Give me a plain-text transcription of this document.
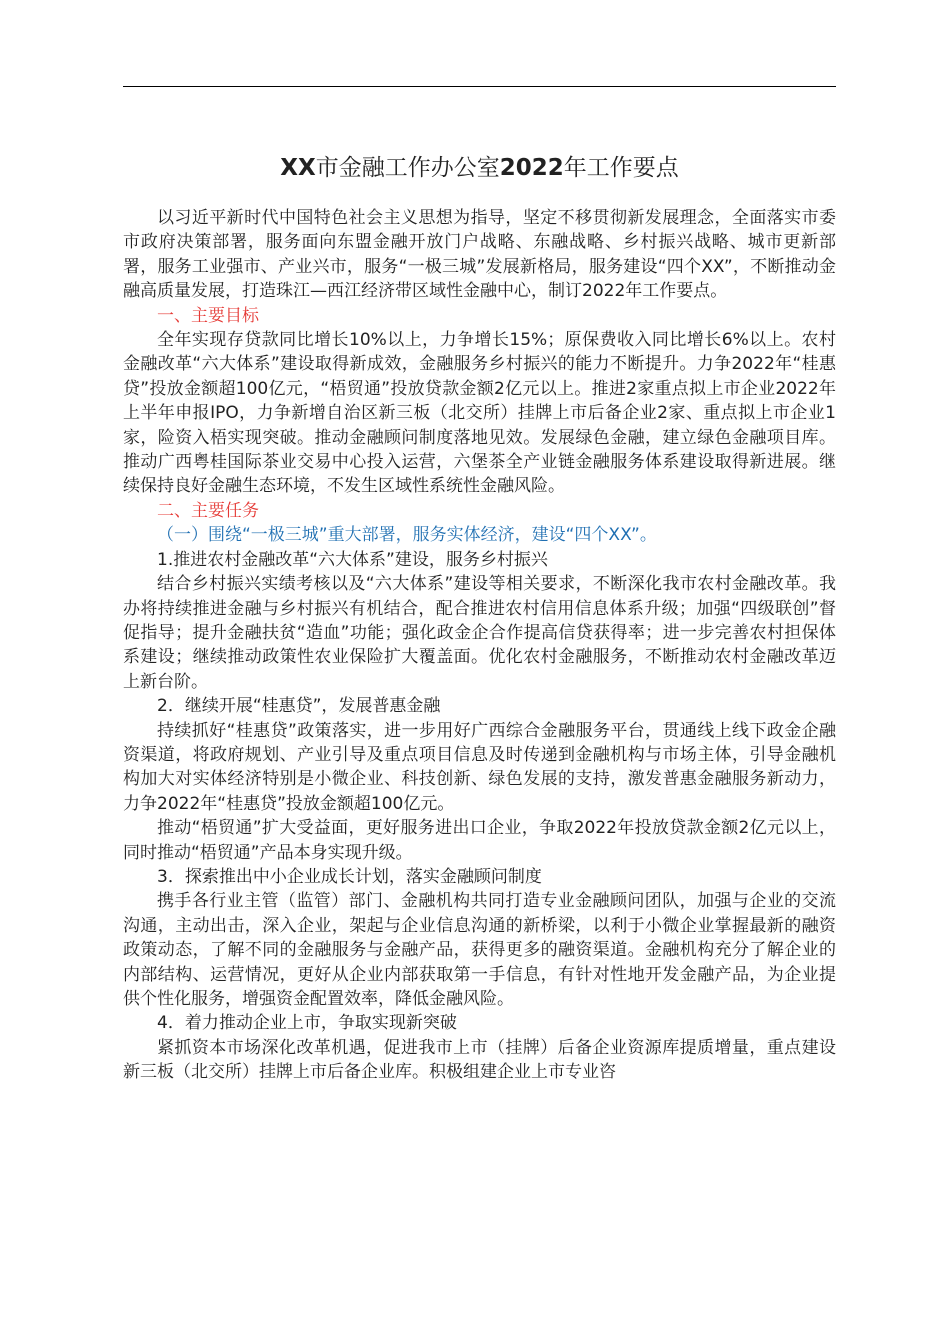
XX市金融工作办公室2022年工作要点

以习近平新时代中国特色社会主义思想为指导，坚定不移贯彻新发展理念，全面落实市委市政府决策部署，服务面向东盟金融开放门户战略、东融战略、乡村振兴战略、城市更新部署，服务工业强市、产业兴市，服务“一极三城”发展新格局，服务建设“四个XX”，不断推动金融高质量发展，打造珠江—西江经济带区域性金融中心，制订2022年工作要点。

一、主要目标

全年实现存贷款同比增长10%以上，力争增长15%；原保费收入同比增长6%以上。农村金融改革“六大体系”建设取得新成效，金融服务乡村振兴的能力不断提升。力争2022年“桂惠贷”投放金额超100亿元，“梧贸通”投放贷款金额2亿元以上。推进2家重点拟上市企业2022年上半年申报IPO，力争新增自治区新三板（北交所）挂牌上市后备企业2家、重点拟上市企业1家，险资入梧实现突破。推动金融顾问制度落地见效。发展绿色金融，建立绿色金融项目库。推动广西粤桂国际茶业交易中心投入运营，六堡茶全产业链金融服务体系建设取得新进展。继续保持良好金融生态环境，不发生区域性系统性金融风险。

二、主要任务

（一）围绕“一极三城”重大部署，服务实体经济，建设“四个XX”。

1.推进农村金融改革“六大体系”建设，服务乡村振兴

结合乡村振兴实绩考核以及“六大体系”建设等相关要求，不断深化我市农村金融改革。我办将持续推进金融与乡村振兴有机结合，配合推进农村信用信息体系升级；加强“四级联创”督促指导；提升金融扶贫“造血”功能；强化政金企合作提高信贷获得率；进一步完善农村担保体系建设；继续推动政策性农业保险扩大覆盖面。优化农村金融服务，不断推动农村金融改革迈上新台阶。

2．继续开展“桂惠贷”，发展普惠金融

持续抓好“桂惠贷”政策落实，进一步用好广西综合金融服务平台，贯通线上线下政金企融资渠道，将政府规划、产业引导及重点项目信息及时传递到金融机构与市场主体，引导金融机构加大对实体经济特别是小微企业、科技创新、绿色发展的支持，激发普惠金融服务新动力，力争2022年“桂惠贷”投放金额超100亿元。

推动“梧贸通”扩大受益面，更好服务进出口企业，争取2022年投放贷款金额2亿元以上，同时推动“梧贸通”产品本身实现升级。

3．探索推出中小企业成长计划，落实金融顾问制度

携手各行业主管（监管）部门、金融机构共同打造专业金融顾问团队，加强与企业的交流沟通，主动出击，深入企业，架起与企业信息沟通的新桥梁，以利于小微企业掌握最新的融资政策动态，了解不同的金融服务与金融产品，获得更多的融资渠道。金融机构充分了解企业的内部结构、运营情况，更好从企业内部获取第一手信息，有针对性地开发金融产品，为企业提供个性化服务，增强资金配置效率，降低金融风险。

4．着力推动企业上市，争取实现新突破

紧抓资本市场深化改革机遇，促进我市上市（挂牌）后备企业资源库提质增量，重点建设新三板（北交所）挂牌上市后备企业库。积极组建企业上市专业咨
